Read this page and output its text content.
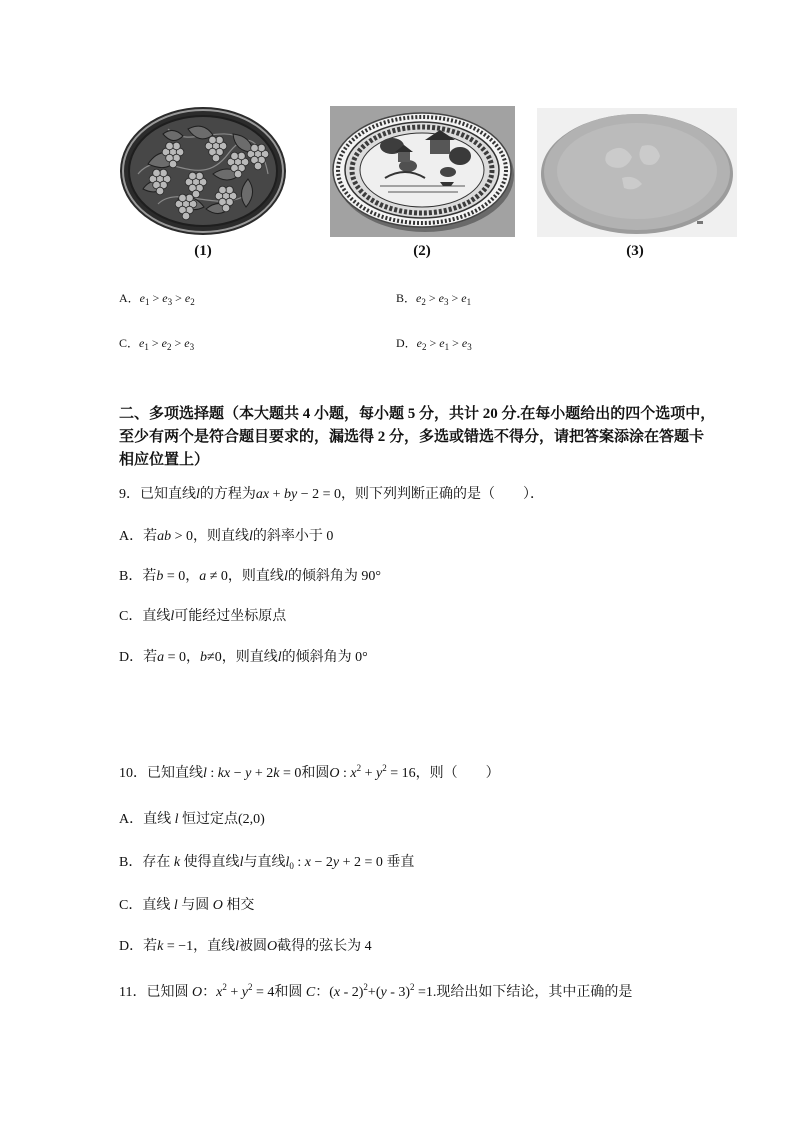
(1)	(2)	(3)
A．$e_1 > e_3 > e_2$	B．$e_2 > e_3 > e_1$
C．$e_1 > e_2 > e_3$	D．$e_2 > e_1 > e_3$
二、多项选择题（本大题共 4 小题，每小题 5 分，共计 20 分.在每小题给出的四个选项中，
至少有两个是符合题目要求的，漏选得 2 分，多选或错选不得分，请把答案添涂在答题卡
相应位置上）
9．已知直线l的方程为ax + by − 2 = 0，则下列判断正确的是（　　）．
A．若ab > 0，则直线l的斜率小于 0
B．若b = 0，a ≠ 0，则直线l的倾斜角为 90°
C．直线l可能经过坐标原点
D．若a = 0，b≠0，则直线l的倾斜角为 0°
10．已知直线l : kx − y + 2k = 0和圆O : $x^2 + y^2 = 16$，则（　　）
A．直线 l 恒过定点(2,0)
B．存在 k 使得直线l与直线$l_0$ : x − 2y + 2 = 0 垂直
C．直线 l 与圆 O 相交
D．若k = −1，直线l被圆O截得的弦长为 4
11．已知圆 O：$x^2 + y^2 = 4$和圆 C：(x - 2)$^2$+(y - 3)$^2$ =1.现给出如下结论，其中正确的是
